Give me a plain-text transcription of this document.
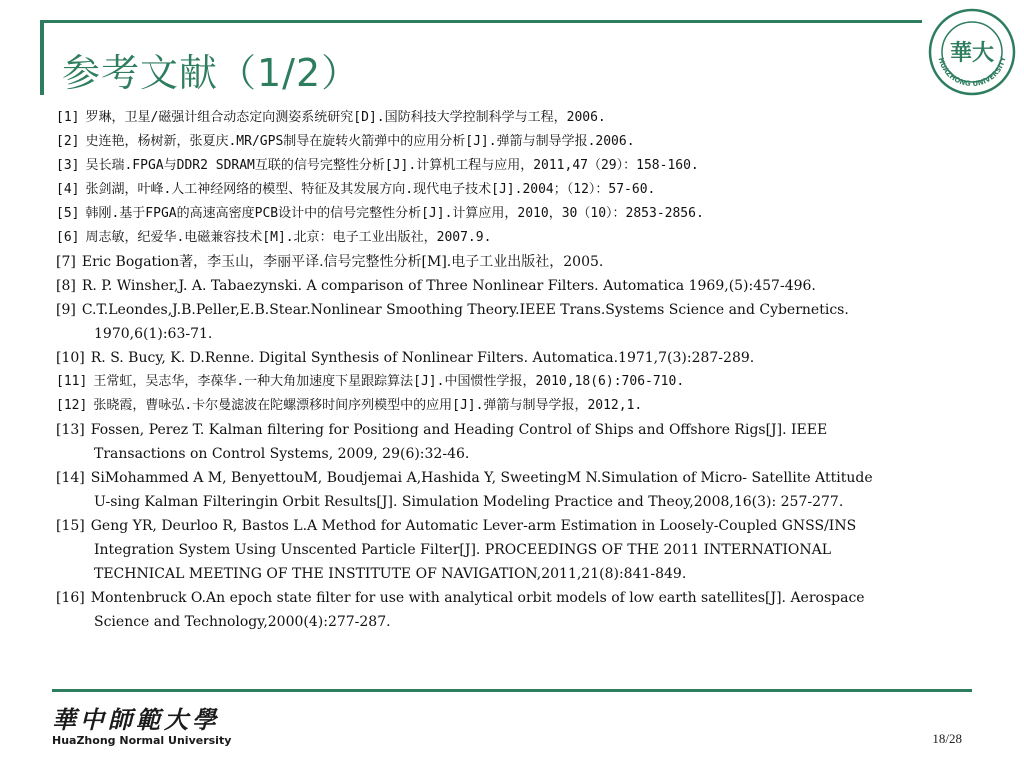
参考文献（1/2）	HUAZHONG UNIVERSITY
華大
[1] 罗琳，卫星/磁强计组合动态定向测姿系统研究[D].国防科技大学控制科学与工程，2006.
[2] 史连艳，杨树新，张夏庆.MR/GPS制导在旋转火箭弹中的应用分析[J].弹箭与制导学报.2006.
[3] 吴长瑞.FPGA与DDR2 SDRAM互联的信号完整性分析[J].计算机工程与应用，2011,47（29）：158-160.
[4] 张剑湖，叶峰.人工神经网络的模型、特征及其发展方向.现代电子技术[J].2004；（12）：57-60.
[5] 韩刚.基于FPGA的高速高密度PCB设计中的信号完整性分析[J].计算应用，2010，30（10）：2853-2856.
[6] 周志敏，纪爱华.电磁兼容技术[M].北京：电子工业出版社，2007.9.
[7] Eric Bogation著，李玉山，李丽平译.信号完整性分析[M].电子工业出版社，2005.
[8] R. P. Winsher,J. A. Tabaezynski. A comparison of Three Nonlinear Filters. Automatica 1969,(5):457-496.
[9] C.T.Leondes,J.B.Peller,E.B.Stear.Nonlinear Smoothing Theory.IEEE Trans.Systems Science and Cybernetics.
1970,6(1):63-71.
[10] R. S. Bucy, K. D.Renne. Digital Synthesis of Nonlinear Filters. Automatica.1971,7(3):287-289.
[11] 王常虹，吴志华，李葆华.一种大角加速度下星跟踪算法[J].中国惯性学报，2010,18(6):706-710.
[12] 张晓霞，曹咏弘.卡尔曼滤波在陀螺漂移时间序列模型中的应用[J].弹箭与制导学报，2012,1.
[13] Fossen, Perez T. Kalman filtering for Positiong and Heading Control of Ships and Offshore Rigs[J]. IEEE
Transactions on Control Systems, 2009, 29(6):32-46.
[14] SiMohammed A M, BenyettouM, Boudjemai A,Hashida Y, SweetingM N.Simulation of Micro- Satellite Attitude
U-sing Kalman Filteringin Orbit Results[J]. Simulation Modeling Practice and Theoy,2008,16(3): 257-277.
[15] Geng YR, Deurloo R, Bastos L.A Method for Automatic Lever-arm Estimation in Loosely-Coupled GNSS/INS
Integration System Using Unscented Particle Filter[J]. PROCEEDINGS OF THE 2011 INTERNATIONAL
TECHNICAL MEETING OF THE INSTITUTE OF NAVIGATION,2011,21(8):841-849.
[16] Montenbruck O.An epoch state filter for use with analytical orbit models of low earth satellites[J]. Aerospace
Science and Technology,2000(4):277-287.
華中師範大學
HuaZhong Normal University	18/28
